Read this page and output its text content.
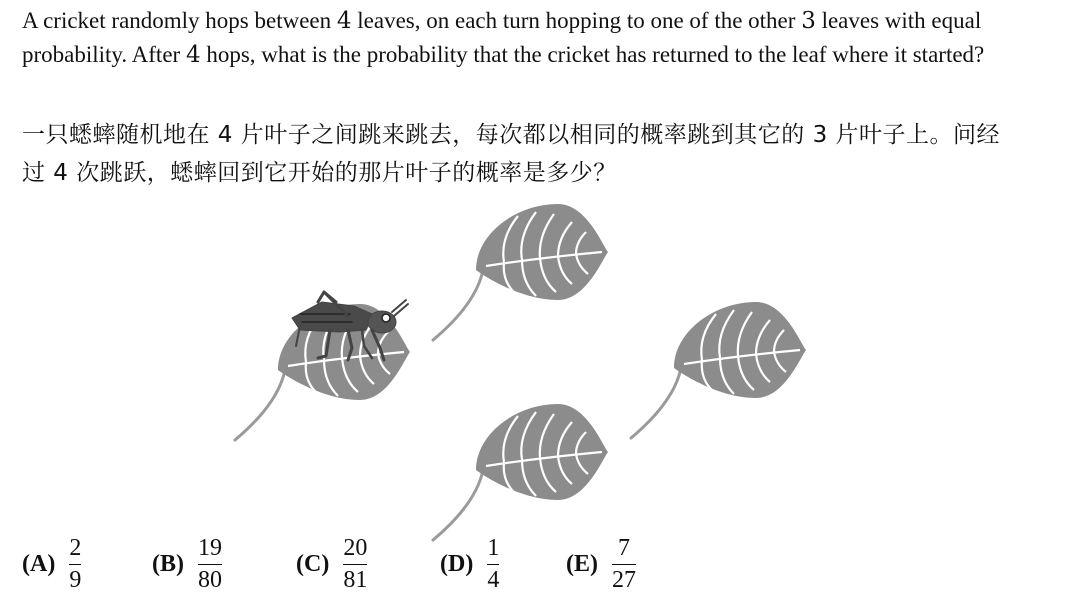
A cricket randomly hops between 4 leaves, on each turn hopping to one of the other 3 leaves with equal probability. After 4 hops, what is the probability that the cricket has returned to the leaf where it started?

一只蟋蟀随机地在 4 片叶子之间跳来跳去，每次都以相同的概率跳到其它的 3 片叶子上。问经
过 4 次跳跃，蟋蟀回到它开始的那片叶子的概率是多少？

$(A) \frac{2}{9}$	$(B) \frac{19}{80}$	$(C) \frac{20}{81}$	$(D) \frac{1}{4}$	$(E) \frac{7}{27}$
